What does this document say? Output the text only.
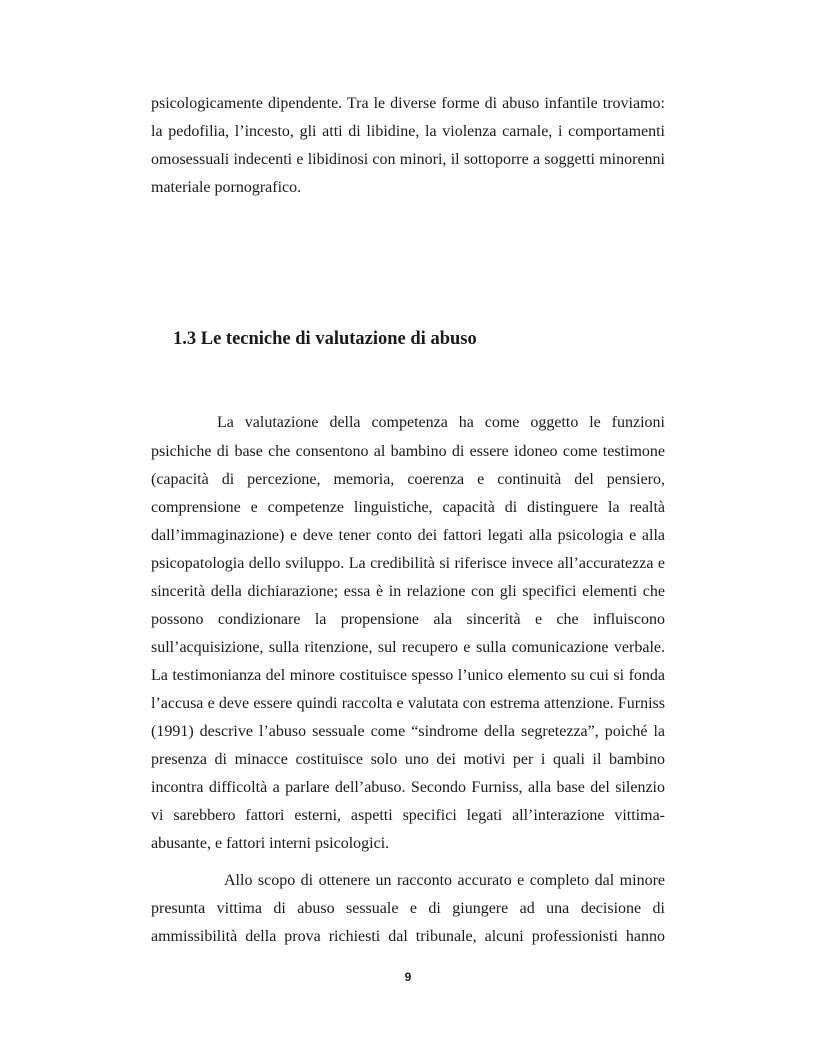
psicologicamente dipendente. Tra le diverse forme di abuso infantile troviamo:
la pedofilia, l’incesto, gli atti di libidine, la violenza carnale, i comportamenti
omosessuali indecenti e libidinosi con minori, il sottoporre a soggetti minorenni
materiale pornografico.
1.3 Le tecniche di valutazione di abuso
La valutazione della competenza ha come oggetto le funzioni
psichiche di base che consentono al bambino di essere idoneo come testimone
(capacità di percezione, memoria, coerenza e continuità del pensiero,
comprensione e competenze linguistiche, capacità di distinguere la realtà
dall’immaginazione) e deve tener conto dei fattori legati alla psicologia e alla
psicopatologia dello sviluppo. La credibilità si riferisce invece all’accuratezza e
sincerità della dichiarazione; essa è in relazione con gli specifici elementi che
possono condizionare la propensione ala sincerità e che influiscono
sull’acquisizione, sulla ritenzione, sul recupero e sulla comunicazione verbale.
La testimonianza del minore costituisce spesso l’unico elemento su cui si fonda
l’accusa e deve essere quindi raccolta e valutata con estrema attenzione. Furniss
(1991) descrive l’abuso sessuale come “sindrome della segretezza”, poiché la
presenza di minacce costituisce solo uno dei motivi per i quali il bambino
incontra difficoltà a parlare dell’abuso. Secondo Furniss, alla base del silenzio
vi sarebbero fattori esterni, aspetti specifici legati all’interazione vittima-
abusante, e fattori interni psicologici.
Allo scopo di ottenere un racconto accurato e completo dal minore
presunta vittima di abuso sessuale e di giungere ad una decisione di
ammissibilità della prova richiesti dal tribunale, alcuni professionisti hanno
9
